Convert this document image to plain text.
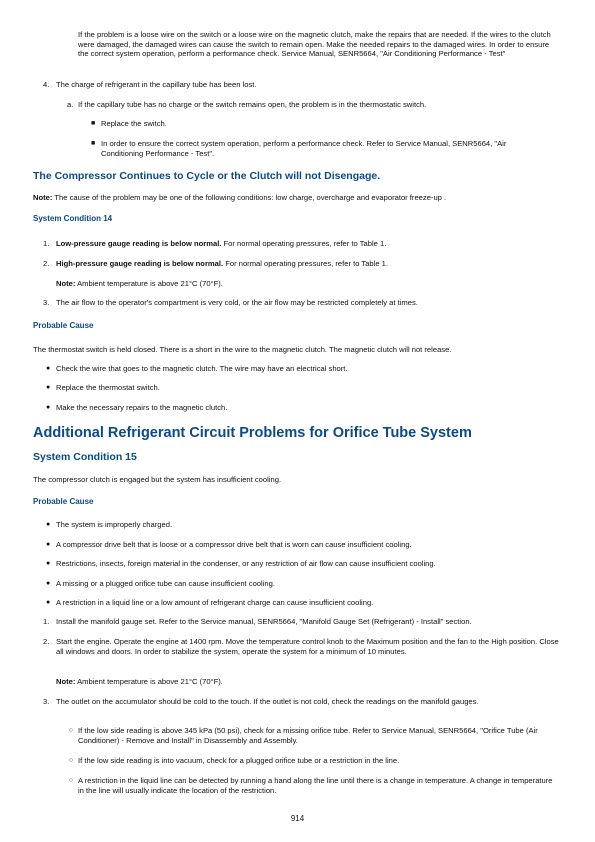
If the problem is a loose wire on the switch or a loose wire on the magnetic clutch, make the repairs that are needed. If the wires to the clutch were damaged, the damaged wires can cause the switch to remain open. Make the needed repairs to the damaged wires. In order to ensure the correct system operation, perform a performance check. Service Manual, SENR5664, "Air Conditioning Performance - Test"

4. The charge of refrigerant in the capillary tube has been lost.
a. If the capillary tube has no charge or the switch remains open, the problem is in the thermostatic switch.
■ Replace the switch.
■ In order to ensure the correct system operation, perform a performance check. Refer to Service Manual, SENR5664, "Air Conditioning Performance - Test".

The Compressor Continues to Cycle or the Clutch will not Disengage.

Note: The cause of the problem may be one of the following conditions: low charge, overcharge and evaporator freeze-up .

System Condition 14

1. Low-pressure gauge reading is below normal. For normal operating pressures, refer to Table 1.
2. High-pressure gauge reading is below normal. For normal operating pressures, refer to Table 1.

Note: Ambient temperature is above 21°C (70°F).

3. The air flow to the operator's compartment is very cold, or the air flow may be restricted completely at times.

Probable Cause

The thermostat switch is held closed. There is a short in the wire to the magnetic clutch. The magnetic clutch will not release.

● Check the wire that goes to the magnetic clutch. The wire may have an electrical short.
● Replace the thermostat switch.
● Make the necessary repairs to the magnetic clutch.

Additional Refrigerant Circuit Problems for Orifice Tube System

System Condition 15

The compressor clutch is engaged but the system has insufficient cooling.

Probable Cause

● The system is improperly charged.
● A compressor drive belt that is loose or a compressor drive belt that is worn can cause insufficient cooling.
● Restrictions, insects, foreign material in the condenser, or any restriction of air flow can cause insufficient cooling.
● A missing or a plugged orifice tube can cause insufficient cooling.
● A restriction in a liquid line or a low amount of refrigerant charge can cause insufficient cooling.
1. Install the manifold gauge set. Refer to the Service manual, SENR5664, "Manifold Gauge Set (Refrigerant) - Install" section.
2. Start the engine. Operate the engine at 1400 rpm. Move the temperature control knob to the Maximum position and the fan to the High position. Close all windows and doors. In order to stabilize the system, operate the system for a minimum of 10 minutes.

Note: Ambient temperature is above 21°C (70°F).

3. The outlet on the accumulator should be cold to the touch. If the outlet is not cold, check the readings on the manifold gauges.
○ If the low side reading is above 345 kPa (50 psi), check for a missing orifice tube. Refer to Service Manual, SENR5664, "Orifice Tube (Air Conditioner) - Remove and Install" in Disassembly and Assembly.
○ If the low side reading is into vacuum, check for a plugged orifice tube or a restriction in the line.
○ A restriction in the liquid line can be detected by running a hand along the line until there is a change in temperature. A change in temperature in the line will usually indicate the location of the restriction.
914
